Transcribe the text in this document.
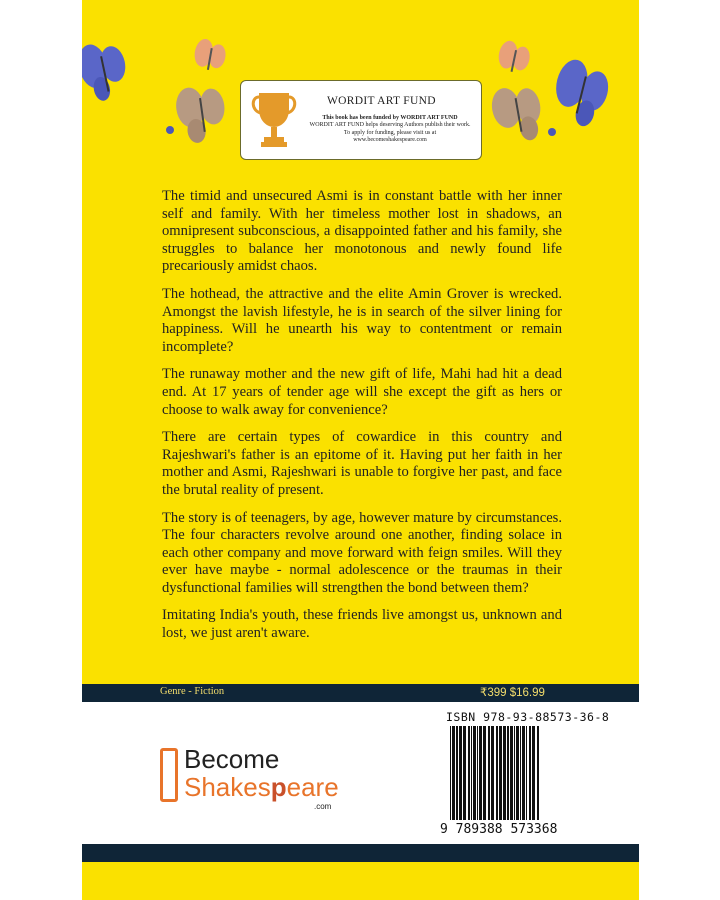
WORDIT ART FUND
This book has been funded by WORDIT ART FUND
WORDIT ART FUND helps deserving Authors publish their work.
To apply for funding, please visit us at
www.becomeshakespeare.com

The timid and unsecured Asmi is in constant battle with her inner self and family. With her timeless mother lost in shadows, an omnipresent subconscious, a disappointed father and his family, she struggles to balance her monotonous and newly found life precariously amidst chaos.

The hothead, the attractive and the elite Amin Grover is wrecked. Amongst the lavish lifestyle, he is in search of the silver lining for happiness. Will he unearth his way to contentment or remain incomplete?

The runaway mother and the new gift of life, Mahi had hit a dead end. At 17 years of tender age will she except the gift as hers or choose to walk away for convenience?

There are certain types of cowardice in this country and Rajeshwari's father is an epitome of it. Having put her faith in her mother and Asmi, Rajeshwari is unable to forgive her past, and face the brutal reality of present.

The story is of teenagers, by age, however mature by circumstances. The four characters revolve around one another, finding solace in each other company and move forward with feign smiles. Will they ever have maybe - normal adolescence or the traumas in their dysfunctional families will strengthen the bond between them?

Imitating India's youth, these friends live amongst us, unknown and lost, we just aren't aware.

Genre - Fiction	₹399 $16.99
Become
Shakespeare
.com
ISBN 978-93-88573-36-8
9 789388 573368
